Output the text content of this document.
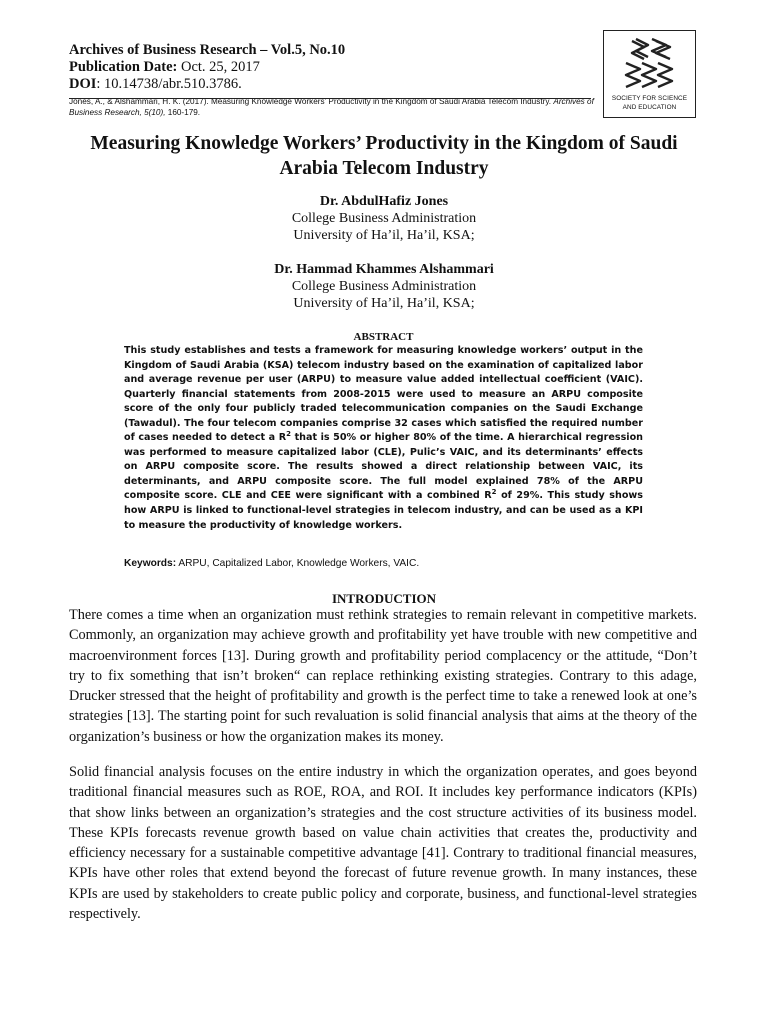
Archives of Business Research – Vol.5, No.10

Publication Date: Oct. 25, 2017

DOI: 10.14738/abr.510.3786.

Jones, A., & Alshammari, H. K. (2017). Measuring Knowledge Workers’ Productivity in the Kingdom of Saudi Arabia Telecom Industry. Archives of Business Research, 5(10), 160-179.
SOCIETY FOR SCIENCE
AND EDUCATION
Measuring Knowledge Workers’ Productivity in the Kingdom of Saudi Arabia Telecom Industry
Dr. AbdulHafiz Jones
College Business Administration
University of Ha’il, Ha’il, KSA;
Dr. Hammad Khammes Alshammari
College Business Administration
University of Ha’il, Ha’il, KSA;

ABSTRACT

This study establishes and tests a framework for measuring knowledge workers’ output in the Kingdom of Saudi Arabia (KSA) telecom industry based on the examination of capitalized labor and average revenue per user (ARPU) to measure value added intellectual coefficient (VAIC). Quarterly financial statements from 2008-2015 were used to measure an ARPU composite score of the only four publicly traded telecommunication companies on the Saudi Exchange (Tawadul). The four telecom companies comprise 32 cases which satisfied the required number of cases needed to detect a $R^2$ that is 50% or higher 80% of the time. A hierarchical regression was performed to measure capitalized labor (CLE), Pulic’s VAIC, and its determinants’ effects on ARPU composite score. The results showed a direct relationship between VAIC, its determinants, and ARPU composite score. The full model explained 78% of the ARPU composite score. CLE and CEE were significant with a combined $R^2$ of 29%. This study shows how ARPU is linked to functional-level strategies in telecom industry, and can be used as a KPI to measure the productivity of knowledge workers.

Keywords: ARPU, Capitalized Labor, Knowledge Workers, VAIC.
INTRODUCTION

There comes a time when an organization must rethink strategies to remain relevant in competitive markets. Commonly, an organization may achieve growth and profitability yet have trouble with new competitive and macroenvironment forces [13]. During growth and profitability period complacency or the attitude, “Don’t try to fix something that isn’t broken“ can replace rethinking existing strategies. Contrary to this adage, Drucker stressed that the height of profitability and growth is the perfect time to take a renewed look at one’s strategies [13]. The starting point for such revaluation is solid financial analysis that aims at the theory of the organization’s business or how the organization makes its money.

Solid financial analysis focuses on the entire industry in which the organization operates, and goes beyond traditional financial measures such as ROE, ROA, and ROI. It includes key performance indicators (KPIs) that show links between an organization’s strategies and the cost structure activities of its business model. These KPIs forecasts revenue growth based on value chain activities that creates the, productivity and efficiency necessary for a sustainable competitive advantage [41]. Contrary to traditional financial measures, KPIs have other roles that extend beyond the forecast of future revenue growth. In many instances, these KPIs are used by stakeholders to create public policy and corporate, business, and functional-level strategies respectively.
